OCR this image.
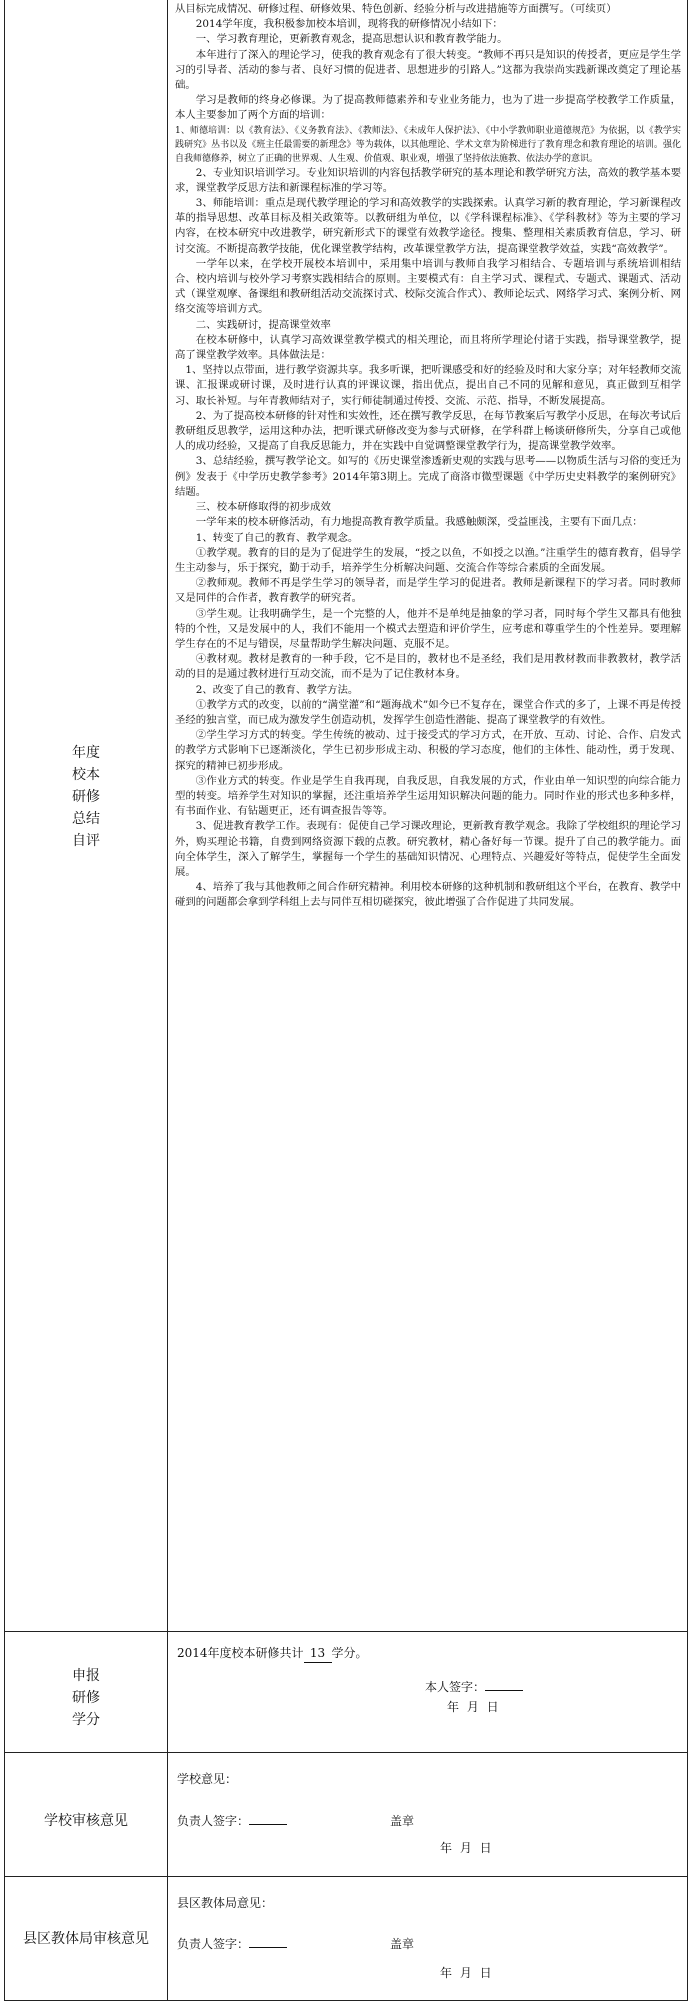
年度
校本
研修
总结
自评

从目标完成情况、研修过程、研修效果、特色创新、经验分析与改进措施等方面撰写。（可续页）

2014学年度，我积极参加校本培训，现将我的研修情况小结如下：

一、学习教育理论，更新教育观念，提高思想认识和教育教学能力。

本年进行了深入的理论学习，使我的教育观念有了很大转变。“教师不再只是知识的传授者，更应是学生学习的引导者、活动的参与者、良好习惯的促进者、思想进步的引路人。”这都为我崇尚实践新课改奠定了理论基础。

学习是教师的终身必修课。为了提高教师德素养和专业业务能力，也为了进一步提高学校教学工作质量，本人主要参加了两个方面的培训：

1、师德培训：以《教育法》、《义务教育法》、《教师法》、《未成年人保护法》、《中小学教师职业道德规范》为依据，以《教学实践研究》丛书以及《班主任最需要的新理念》等为载体，以其他理论、学术文章为阶梯进行了教育理念和教育理论的培训。强化自我师德修养，树立了正确的世界观、人生观、价值观、职业观，增强了坚持依法施教、依法办学的意识。

2、专业知识培训学习。专业知识培训的内容包括教学研究的基本理论和教学研究方法，高效的教学基本要求，课堂教学反思方法和新课程标准的学习等。

3、师能培训：重点是现代教学理论的学习和高效教学的实践探索。认真学习新的教育理论，学习新课程改革的指导思想、改革目标及相关政策等。以教研组为单位，以《学科课程标准》、《学科教材》等为主要的学习内容，在校本研究中改进教学，研究新形式下的课堂有效教学途径。搜集、整理相关素质教育信息，学习、研讨交流。不断提高教学技能，优化课堂教学结构，改革课堂教学方法，提高课堂教学效益，实践“高效教学”。

一学年以来，在学校开展校本培训中，采用集中培训与教师自我学习相结合、专题培训与系统培训相结合、校内培训与校外学习考察实践相结合的原则。主要模式有：自主学习式、课程式、专题式、课题式、活动式（课堂观摩、备课组和教研组活动交流探讨式、校际交流合作式）、教师论坛式、网络学习式、案例分析、网络交流等培训方式。

二、实践研讨，提高课堂效率

在校本研修中，认真学习高效课堂教学模式的相关理论，而且将所学理论付诸于实践，指导课堂教学，提高了课堂教学效率。具体做法是：

1、坚持以点带面，进行教学资源共享。我多听课，把听课感受和好的经验及时和大家分享；对年轻教师交流课、汇报课或研讨课，及时进行认真的评课议课，指出优点，提出自己不同的见解和意见，真正做到互相学习、取长补短。与年青教师结对子，实行师徒制通过传授、交流、示范、指导，不断发展提高。

2、为了提高校本研修的针对性和实效性，还在撰写教学反思，在每节教案后写教学小反思，在每次考试后教研组反思教学，运用这种办法，把听课式研修改变为参与式研修，在学科群上畅谈研修所失，分享自己或他人的成功经验，又提高了自我反思能力，并在实践中自觉调整课堂教学行为，提高课堂教学效率。

3、总结经验，撰写教学论文。如写的《历史课堂渗透新史观的实践与思考——以物质生活与习俗的变迁为例》发表于《中学历史教学参考》2014年第3期上。完成了商洛市微型课题《中学历史史料教学的案例研究》结题。

三、校本研修取得的初步成效

一学年来的校本研修活动，有力地提高教育教学质量。我感触颇深，受益匪浅，主要有下面几点：

1、转变了自己的教育、教学观念。

①教学观。教育的目的是为了促进学生的发展，“授之以鱼，不如授之以渔。”注重学生的德育教育，倡导学生主动参与，乐于探究，勤于动手，培养学生分析解决问题、交流合作等综合素质的全面发展。

②教师观。教师不再是学生学习的领导者，而是学生学习的促进者。教师是新课程下的学习者。同时教师又是同伴的合作者，教育教学的研究者。

③学生观。让我明确学生，是一个完整的人，他并不是单纯是抽象的学习者，同时每个学生又都具有他独特的个性，又是发展中的人，我们不能用一个模式去塑造和评价学生，应考虑和尊重学生的个性差异。要理解学生存在的不足与错误，尽量帮助学生解决问题、克服不足。

④教材观。教材是教育的一种手段，它不是目的，教材也不是圣经，我们是用教材教而非教教材，教学活动的目的是通过教材进行互动交流，而不是为了记住教材本身。

2、改变了自己的教育、教学方法。

①教学方式的改变，以前的“满堂灌”和“题海战术”如今已不复存在，课堂合作式的多了，上课不再是传授圣经的独言堂，而已成为激发学生创造动机，发挥学生创造性潜能、提高了课堂教学的有效性。

②学生学习方式的转变。学生传统的被动、过于接受式的学习方式，在开放、互动、讨论、合作、启发式的教学方式影响下已逐渐淡化，学生已初步形成主动、积极的学习态度，他们的主体性、能动性，勇于发现、探究的精神已初步形成。

③作业方式的转变。作业是学生自我再现，自我反思，自我发展的方式，作业由单一知识型的向综合能力型的转变。培养学生对知识的掌握，还注重培养学生运用知识解决问题的能力。同时作业的形式也多种多样，有书面作业、有钻题更正，还有调查报告等等。

3、促进教育教学工作。表现有：促使自己学习课改理论，更新教育教学观念。我除了学校组织的理论学习外，购买理论书籍，自费到网络资源下载的点教。研究教材，精心备好每一节课。提升了自己的教学能力。面向全体学生，深入了解学生，掌握每一个学生的基础知识情况、心理特点、兴趣爱好等特点，促使学生全面发展。

4、培养了我与其他教师之间合作研究精神。利用校本研修的这种机制和教研组这个平台，在教育、教学中碰到的问题都会拿到学科组上去与同伴互相切磋探究，彼此增强了合作促进了共同发展。

申报
研修
学分
2014年度校本研修共计 13 学分。
本人签字：
年 月 日
学校审核意见
学校意见：
负责人签字：	盖章
年 月 日
县区教体局审核意见
县区教体局意见：
负责人签字：	盖章
年 月 日
